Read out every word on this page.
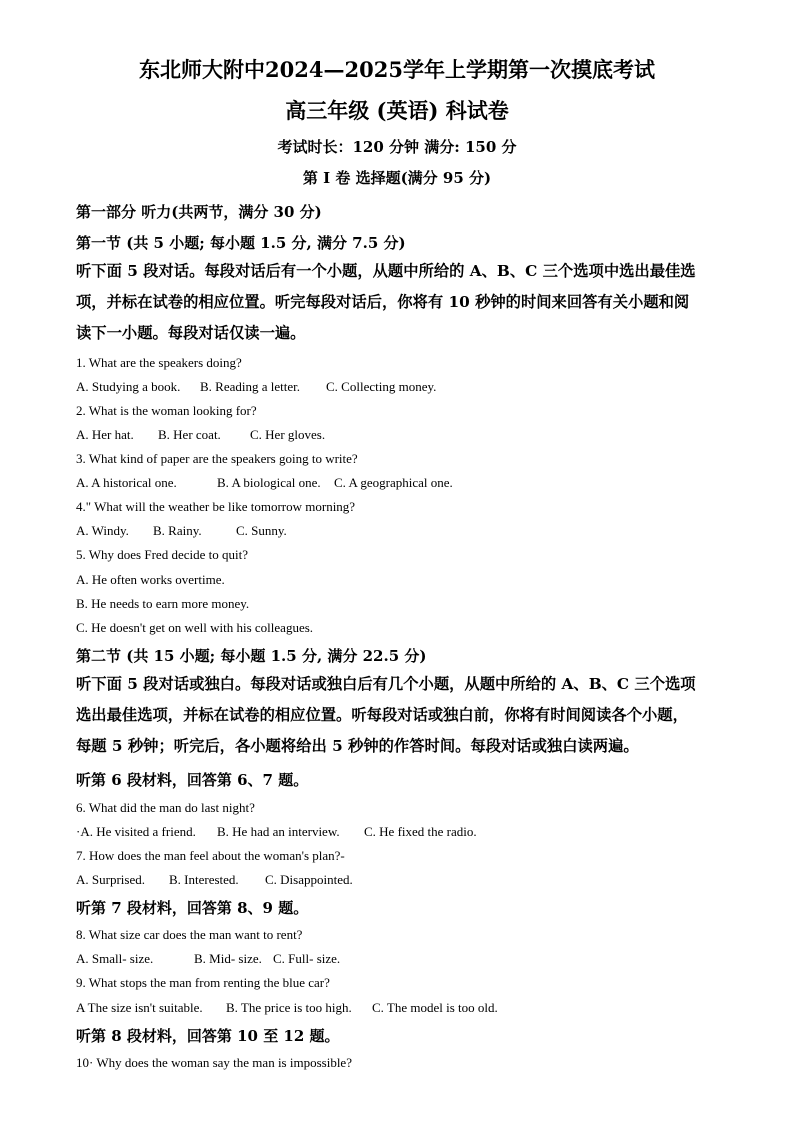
东北师大附中2024—2025学年上学期第一次摸底考试
高三年级 (英语) 科试卷
考试时长：120 分钟 满分: 150 分
第 I 卷 选择题(满分 95 分)
第一部分 听力(共两节，满分 30 分)
第一节 (共 5 小题; 每小题 1.5 分, 满分 7.5 分)
听下面 5 段对话。每段对话后有一个小题，从题中所给的 A、B、C 三个选项中选出最佳选
项，并标在试卷的相应位置。听完每段对话后，你将有 10 秒钟的时间来回答有关小题和阅
读下一小题。每段对话仅读一遍。
1. What are the speakers doing?
A. Studying a book. B. Reading a letter. C. Collecting money.
2. What is the woman looking for?
A. Her hat. B. Her coat. C. Her gloves.
3. What kind of paper are the speakers going to write?
A. A historical one.	B. A biological one. C. A geographical one.
4." What will the weather be like tomorrow morning?
A. Windy. B. Rainy.	C. Sunny.
5. Why does Fred decide to quit?
A. He often works overtime.
B. He needs to earn more money.
C. He doesn't get on well with his colleagues.
第二节 (共 15 小题; 每小题 1.5 分, 满分 22.5 分)
听下面 5 段对话或独白。每段对话或独白后有几个小题，从题中所给的 A、B、C 三个选项
选出最佳选项，并标在试卷的相应位置。听每段对话或独白前，你将有时间阅读各个小题，
每题 5 秒钟；听完后，各小题将给出 5 秒钟的作答时间。每段对话或独白读两遍。
听第 6 段材料，回答第 6、7 题。
6. What did the man do last night?
·A. He visited a friend. B. He had an interview. C. He fixed the radio.
7. How does the man feel about the woman's plan?-
A. Surprised. B. Interested. C. Disappointed.
听第 7 段材料，回答第 8、9 题。
8. What size car does the man want to rent?
A. Small- size.	B. Mid- size. C. Full- size.
9. What stops the man from renting the blue car?
A The size isn't suitable. B. The price is too high. C. The model is too old.
听第 8 段材料，回答第 10 至 12 题。
10· Why does the woman say the man is impossible?
